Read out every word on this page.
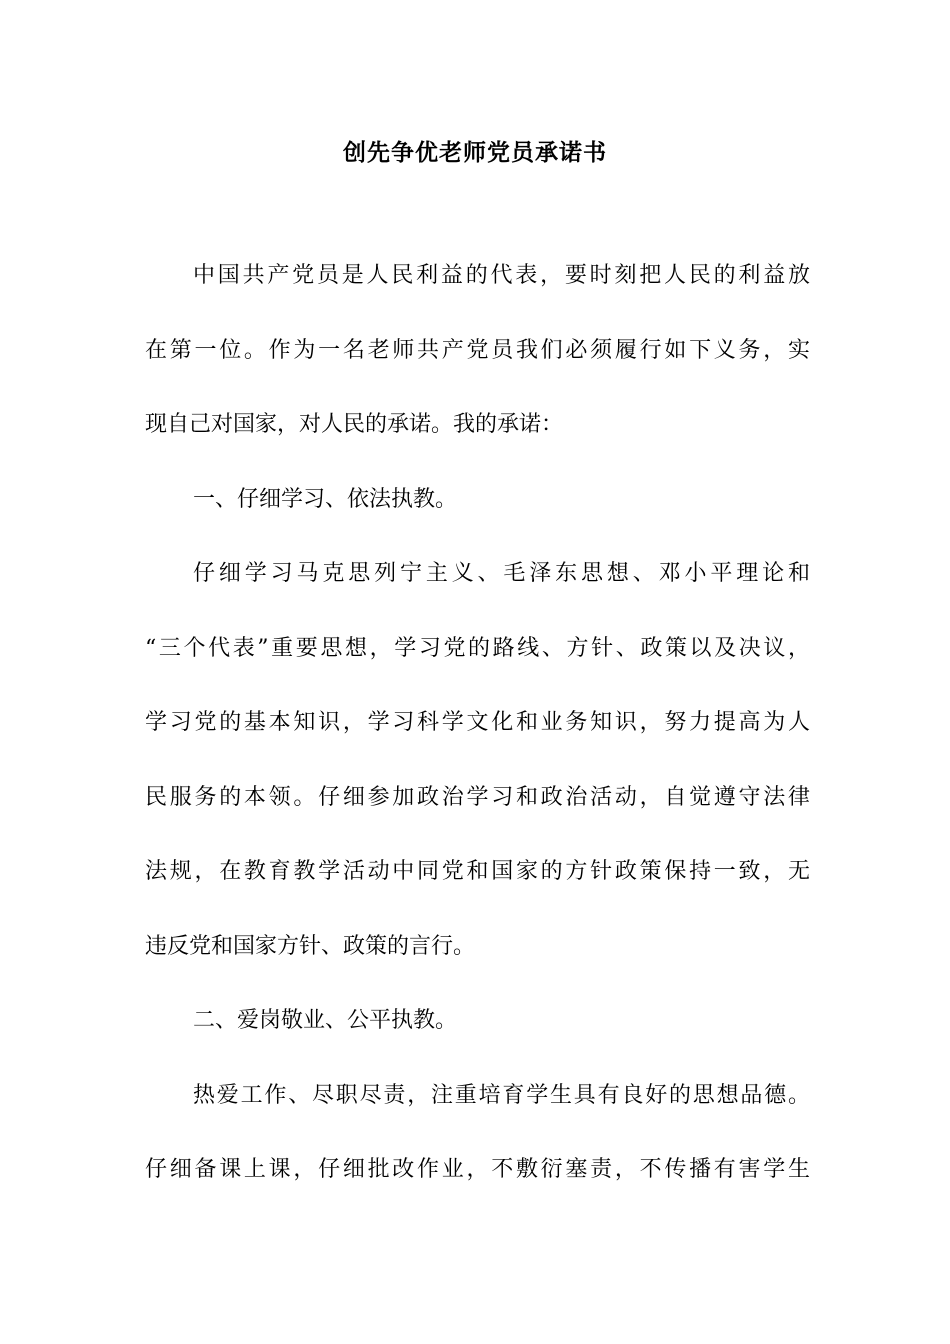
创先争优老师党员承诺书
中国共产党员是人民利益的代表，要时刻把人民的利益放
在第一位。作为一名老师共产党员我们必须履行如下义务，实
现自己对国家，对人民的承诺。我的承诺：
一、仔细学习、依法执教。
仔细学习马克思列宁主义、毛泽东思想、邓小平理论和
“三个代表”重要思想，学习党的路线、方针、政策以及决议，
学习党的基本知识，学习科学文化和业务知识，努力提高为人
民服务的本领。仔细参加政治学习和政治活动，自觉遵守法律
法规，在教育教学活动中同党和国家的方针政策保持一致，无
违反党和国家方针、政策的言行。
二、爱岗敬业、公平执教。
热爱工作、尽职尽责，注重培育学生具有良好的思想品德。
仔细备课上课，仔细批改作业，不敷衍塞责，不传播有害学生
